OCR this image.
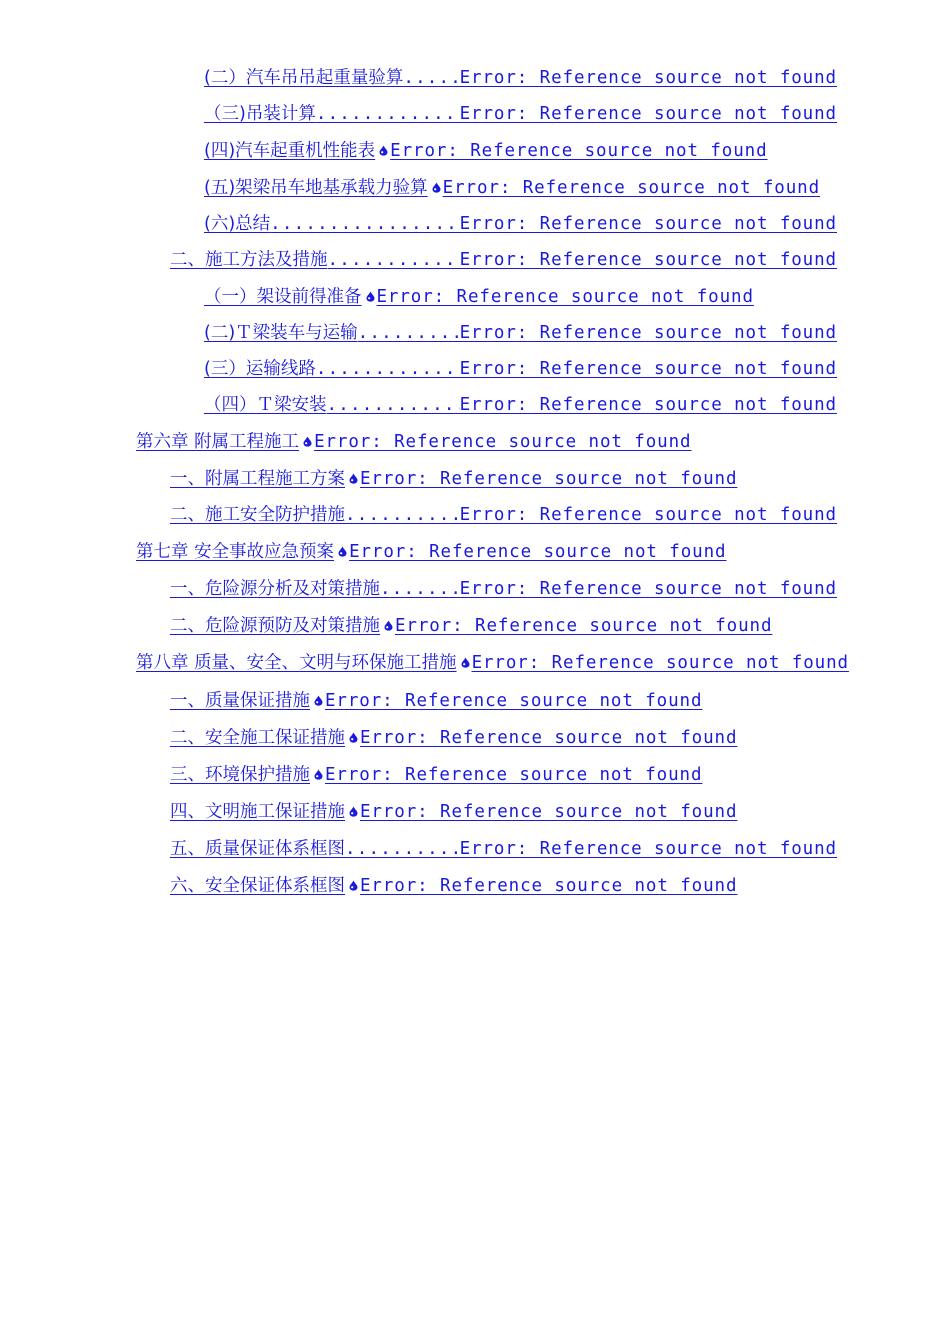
(二）汽车吊吊起重量验算 .....	Error: Reference source not found
（三)吊装计算 .....	Error: Reference source not found
(四)汽车起重机性能表 Error: Reference source not found
(五)架梁吊车地基承载力验算 Error: Reference source not found
(六)总结 .....	Error: Reference source not found
二、施工方法及措施 .....	Error: Reference source not found
（一）架设前得准备 Error: Reference source not found
(二)Ｔ梁装车与运输 .....	Error: Reference source not found
(三）运输线路 .....	Error: Reference source not found
（四）Ｔ梁安装 .....	Error: Reference source not found
第六章 附属工程施工 Error: Reference source not found
一、附属工程施工方案 Error: Reference source not found
二、施工安全防护措施 .....	Error: Reference source not found
第七章 安全事故应急预案 Error: Reference source not found
一、危险源分析及对策措施 .....	Error: Reference source not found
二、危险源预防及对策措施 Error: Reference source not found
第八章 质量、安全、文明与环保施工措施 Error: Reference source not found
一、质量保证措施 Error: Reference source not found
二、安全施工保证措施 Error: Reference source not found
三、环境保护措施 Error: Reference source not found
四、文明施工保证措施 Error: Reference source not found
五、质量保证体系框图 .....	Error: Reference source not found
六、安全保证体系框图 Error: Reference source not found
